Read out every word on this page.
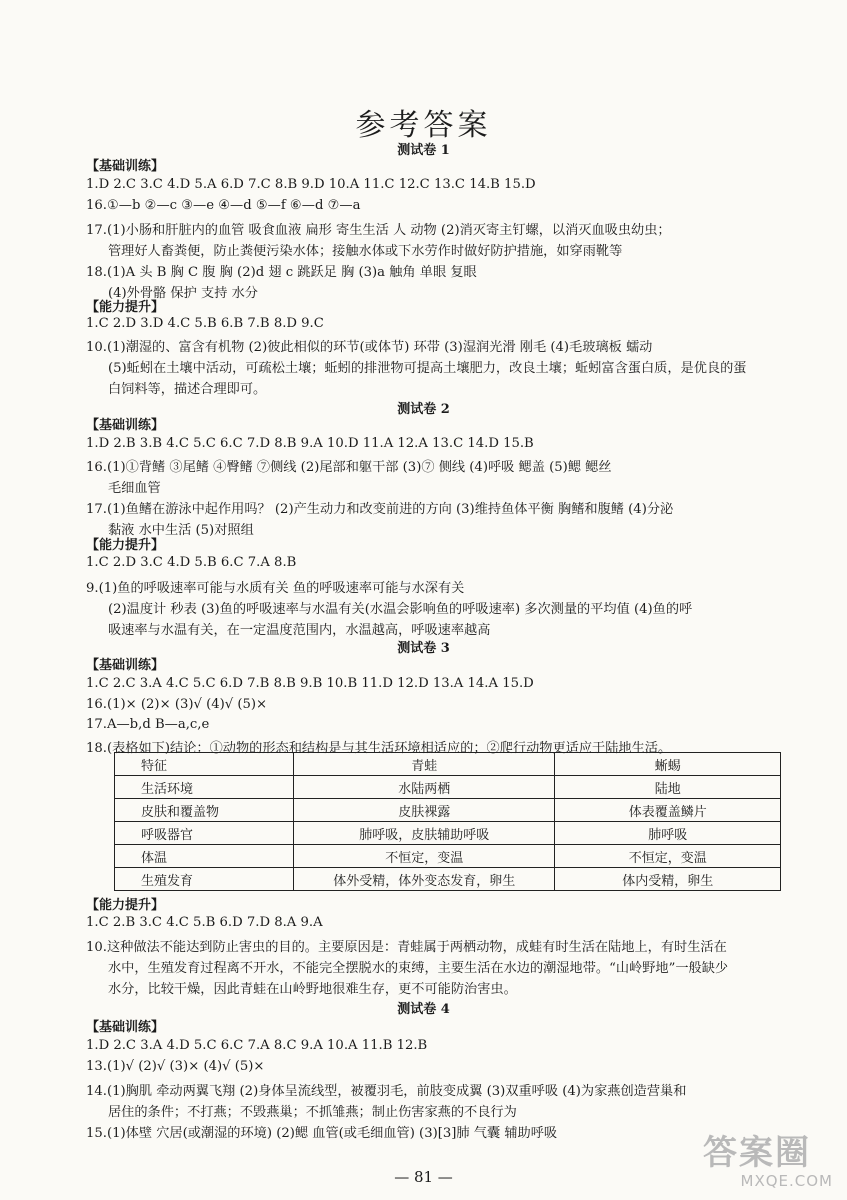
参考答案
测试卷 1
【基础训练】
1.D 2.C 3.C 4.D 5.A 6.D 7.C 8.B 9.D 10.A 11.C 12.C 13.C 14.B 15.D
16.①—b ②—c ③—e ④—d ⑤—f ⑥—d ⑦—a
17.(1)小肠和肝脏内的血管 吸食血液 扁形 寄生生活 人 动物 (2)消灭寄主钉螺，以消灭血吸虫幼虫；
管理好人畜粪便，防止粪便污染水体；接触水体或下水劳作时做好防护措施，如穿雨靴等
18.(1)A 头 B 胸 C 腹 胸 (2)d 翅 c 跳跃足 胸 (3)a 触角 单眼 复眼
(4)外骨骼 保护 支持 水分
【能力提升】
1.C 2.D 3.D 4.C 5.B 6.B 7.B 8.D 9.C
10.(1)潮湿的、富含有机物 (2)彼此相似的环节(或体节) 环带 (3)湿润光滑 刚毛 (4)毛玻璃板 蠕动
(5)蚯蚓在土壤中活动，可疏松土壤；蚯蚓的排泄物可提高土壤肥力，改良土壤；蚯蚓富含蛋白质，是优良的蛋
白饲料等，描述合理即可。
测试卷 2
【基础训练】
1.D 2.B 3.B 4.C 5.C 6.C 7.D 8.B 9.A 10.D 11.A 12.A 13.C 14.D 15.B
16.(1)①背鳍 ③尾鳍 ④臀鳍 ⑦侧线 (2)尾部和躯干部 (3)⑦ 侧线 (4)呼吸 鳃盖 (5)鳃 鳃丝
毛细血管
17.(1)鱼鳍在游泳中起作用吗？ (2)产生动力和改变前进的方向 (3)维持鱼体平衡 胸鳍和腹鳍 (4)分泌
黏液 水中生活 (5)对照组
【能力提升】
1.C 2.D 3.C 4.D 5.B 6.C 7.A 8.B
9.(1)鱼的呼吸速率可能与水质有关 鱼的呼吸速率可能与水深有关
(2)温度计 秒表 (3)鱼的呼吸速率与水温有关(水温会影响鱼的呼吸速率) 多次测量的平均值 (4)鱼的呼
吸速率与水温有关，在一定温度范围内，水温越高，呼吸速率越高
测试卷 3
【基础训练】
1.C 2.C 3.A 4.C 5.C 6.D 7.B 8.B 9.B 10.B 11.D 12.D 13.A 14.A 15.D
16.(1)× (2)× (3)√ (4)√ (5)×
17.A—b,d B—a,c,e
18.(表格如下)结论：①动物的形态和结构是与其生活环境相适应的；②爬行动物更适应于陆地生活。
特征	青蛙	蜥蜴
生活环境	水陆两栖	陆地
皮肤和覆盖物	皮肤裸露	体表覆盖鳞片
呼吸器官	肺呼吸，皮肤辅助呼吸	肺呼吸
体温	不恒定，变温	不恒定，变温
生殖发育	体外受精，体外变态发育，卵生	体内受精，卵生
【能力提升】
1.C 2.B 3.C 4.C 5.B 6.D 7.D 8.A 9.A
10.这种做法不能达到防止害虫的目的。主要原因是：青蛙属于两栖动物，成蛙有时生活在陆地上，有时生活在
水中，生殖发育过程离不开水，不能完全摆脱水的束缚，主要生活在水边的潮湿地带。“山岭野地”一般缺少
水分，比较干燥，因此青蛙在山岭野地很难生存，更不可能防治害虫。
测试卷 4
【基础训练】
1.D 2.C 3.A 4.D 5.C 6.C 7.A 8.C 9.A 10.A 11.B 12.B
13.(1)√ (2)√ (3)× (4)√ (5)×
14.(1)胸肌 牵动两翼飞翔 (2)身体呈流线型，被覆羽毛，前肢变成翼 (3)双重呼吸 (4)为家燕创造营巢和
居住的条件；不打燕；不毁燕巢；不抓雏燕；制止伤害家燕的不良行为
15.(1)体壁 穴居(或潮湿的环境) (2)鳃 血管(或毛细血管) (3)[3]肺 气囊 辅助呼吸
— 81 —
答案圈
MXQE.COM
